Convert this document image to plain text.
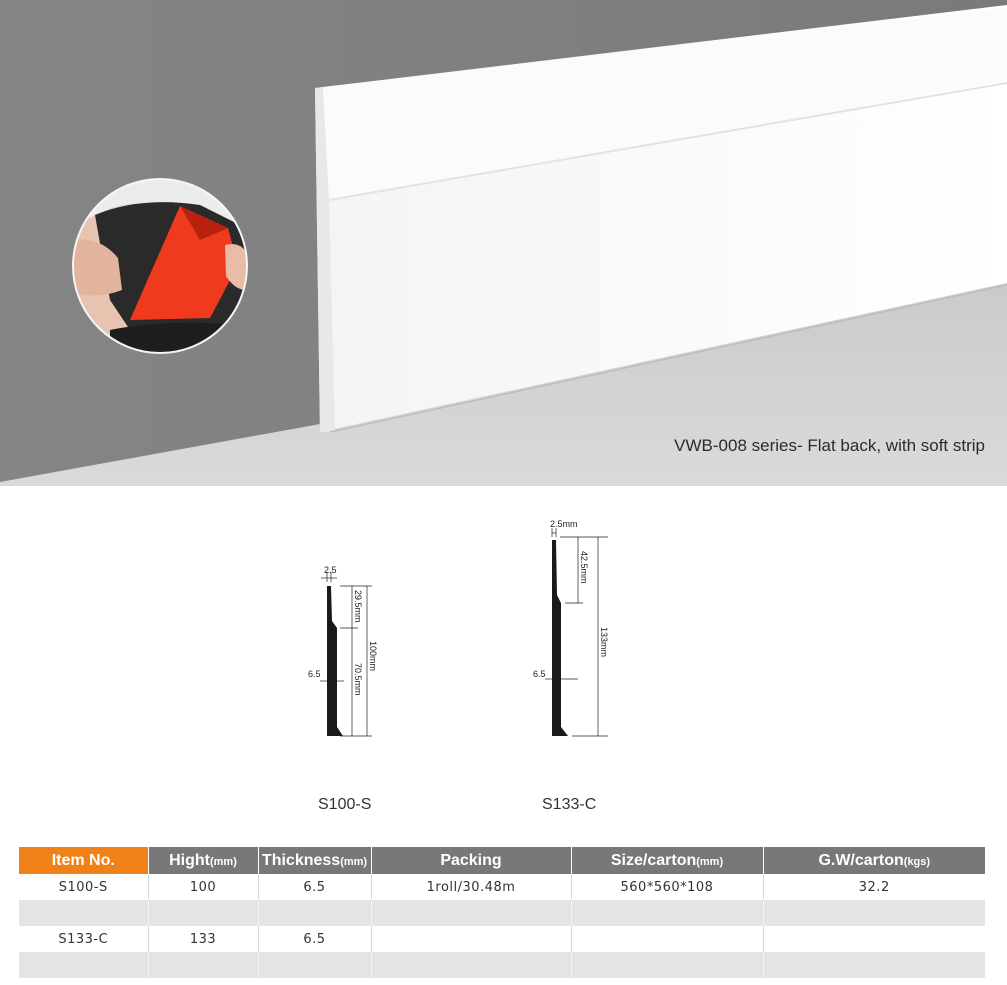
VWB-008 series- Flat back, with soft strip
2.5
29.5mm
70.5mm
100mm
6.5
2.5mm
42.5mm
133mm
6.5
S100-S	S133-C
Item No.	Hight(mm)	Thickness(mm)	Packing	Size/carton(mm)	G.W/carton(kgs)
S100-S	100	6.5	1roll/30.48m	560*560*108	32.2

S133-C	133	6.5			
